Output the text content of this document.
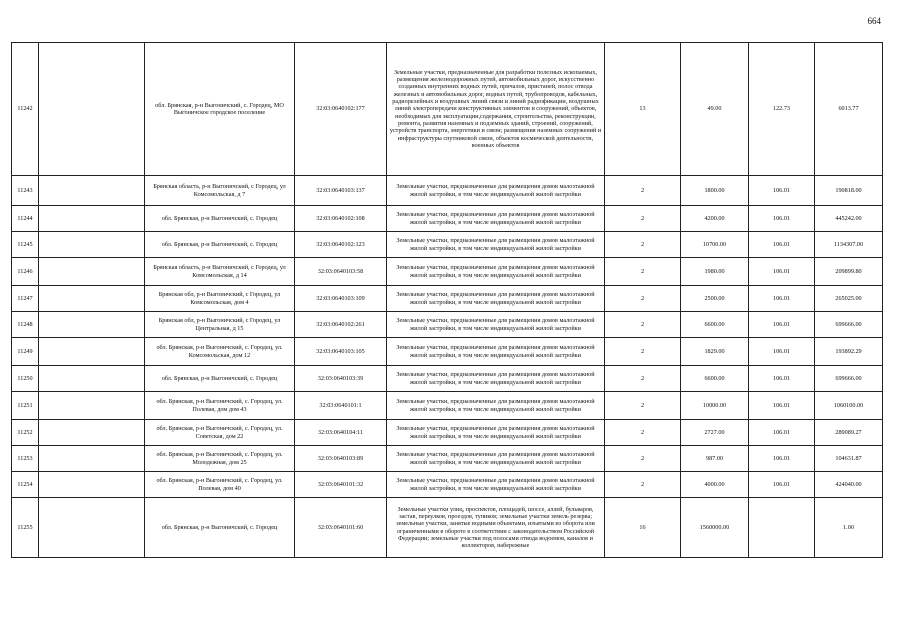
664
11242		обл. Брянская, р-н Выгоничский, с. Городец, МО Выгоничское городское поселение	32:03:0640102:177	Земельные участки, предназначенные для разработки полезных ископаемых, размещения железнодорожных путей, автомобильных дорог, искусственно созданных внутренних водных путей, причалов, пристаней, полос отвода железных и автомобильных дорог, водных путей, трубопроводов, кабельных, радиорелейных и воздушных линий связи и линий радиофикации, воздушных линий электропередачи конструктивных элементов и сооружений, объектов, необходимых для эксплуатации,содержания, строительства, реконструкции, ремонта, развития наземных и подземных зданий, строений, сооружений, устройств транспорта, энергетики и связи; размещения наземных сооружений и инфраструктуры спутниковой связи, объектов космической деятельности, военных объектов	13	49.00	122.73	6013.77
11243		Брянская область, р-н Выгоничский, с Городец, ул Комсомольская, д 7	32:03:0640103:137	Земельные участки, предназначенные для размещения домов малоэтажной жилой застройки, в том числе индивидуальной жилой застройки	2	1800.00	106.01	190818.00
11244		обл. Брянская, р-н Выгоничский, с. Городец	32:03:0640102:108	Земельные участки, предназначенные для размещения домов малоэтажной жилой застройки, в том числе индивидуальной жилой застройки	2	4200.00	106.01	445242.00
11245		обл. Брянская, р-н Выгоничский, с. Городец	32:03:0640102:123	Земельные участки, предназначенные для размещения домов малоэтажной жилой застройки, в том числе индивидуальной жилой застройки	2	10700.00	106.01	1134307.00
11246		Брянская область, р-н Выгоничский, с Городец, ул Комсомольская, д 14	32:03:0640103:58	Земельные участки, предназначенные для размещения домов малоэтажной жилой застройки, в том числе индивидуальной жилой застройки	2	1980.00	106.01	209899.80
11247		Брянская обл, р-н Выгоничский, с Городец, ул Комсомольская, дом 4	32:03:0640103:109	Земельные участки, предназначенные для размещения домов малоэтажной жилой застройки, в том числе индивидуальной жилой застройки	2	2500.00	106.01	265025.00
11248		Брянская обл, р-н Выгоничский, с Городец, ул Центральная, д 15	32:03:0640102:261	Земельные участки, предназначенные для размещения домов малоэтажной жилой застройки, в том числе индивидуальной жилой застройки	2	6600.00	106.01	699666.00
11249		обл. Брянская, р-н Выгоничский, с. Городец, ул. Комсомольская, дом 12	32:03:0640103:105	Земельные участки, предназначенные для размещения домов малоэтажной жилой застройки, в том числе индивидуальной жилой застройки	2	1829.00	106.01	193892.29
11250		обл. Брянская, р-н Выгоничский, с. Городец	32:03:0640103:39	Земельные участки, предназначенные для размещения домов малоэтажной жилой застройки, в том числе индивидуальной жилой застройки	2	6600.00	106.01	699666.00
11251		обл. Брянская, р-н Выгоничский, с. Городец, ул. Полевая, дом дом 43	32:03:0640101:1	Земельные участки, предназначенные для размещения домов малоэтажной жилой застройки, в том числе индивидуальной жилой застройки	2	10000.00	106.01	1060100.00
11252		обл. Брянская, р-н Выгоничский, с. Городец, ул. Советская, дом 22	32:03:0640104:11	Земельные участки, предназначенные для размещения домов малоэтажной жилой застройки, в том числе индивидуальной жилой застройки	2	2727.00	106.01	289089.27
11253		обл. Брянская, р-н Выгоничский, с. Городец, ул. Молодежная, дом 25	32:03:0640103:89	Земельные участки, предназначенные для размещения домов малоэтажной жилой застройки, в том числе индивидуальной жилой застройки	2	987.00	106.01	104631.87
11254		обл. Брянская, р-н Выгоничский, с. Городец, ул. Полевая, дом 40	32:03:0640101:32	Земельные участки, предназначенные для размещения домов малоэтажной жилой застройки, в том числе индивидуальной жилой застройки	2	4000.00	106.01	424040.00
11255		обл. Брянская, р-н Выгоничский, с. Городец	32:03:0640101:60	Земельные участки улиц, проспектов, площадей, шоссе, аллей, бульваров, застав, переулков, проездов, тупиков; земельные участки земель резерва; земельные участки, занятые водными объектами, изъятыми из оборота или ограниченными в обороте в соответствии с законодательством Российской Федерации; земельные участки под полосами отвода водоемов, каналов и коллекторов, набережные	16	1560000.00		1.00
